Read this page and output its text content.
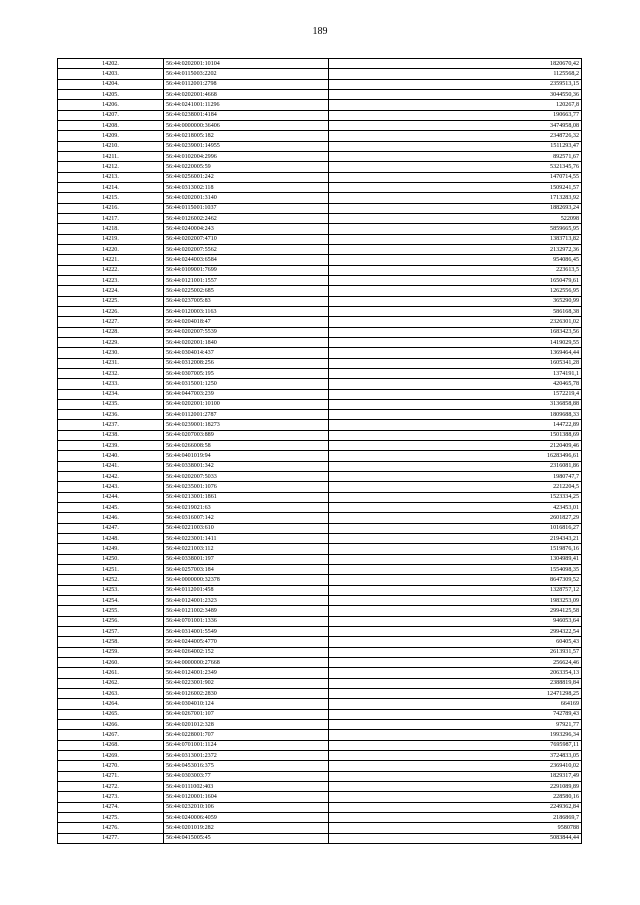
189
14202.	56:44:0202001:10104	1820670,42
14203.	56:44:0115003:2202	1125568,2
14204.	56:44:0112001:2798	2359513,15
14205.	56:44:0202001:4668	3044550,36
14206.	56:44:0241001:11296	120267,8
14207.	56:44:0238001:4184	190663,77
14208.	56:44:0000000:36406	3474958,08
14209.	56:44:0218005:182	2348726,32
14210.	56:44:0239001:14955	1511293,47
14211.	56:44:0102004:2996	892571,67
14212.	56:44:0220005:59	5321345,76
14213.	56:44:0256001:242	1470714,55
14214.	56:44:0313002:118	1509241,57
14215.	56:44:0202001:3140	1713283,92
14216.	56:44:0115001:1037	1882693,24
14217.	56:44:0126002:2462	522098
14218.	56:44:0240004:243	5859665,95
14219.	56:44:0202007:4710	1383713,82
14220.	56:44:0202007:5562	2132972,36
14221.	56:44:0244003:6584	954086,45
14222.	56:44:0109001:7699	223613,5
14223.	56:44:0121001:1557	1650479,61
14224.	56:44:0225002:685	1262556,95
14225.	56:44:0237005:83	365290,99
14226.	56:44:0120003:1163	586168,38
14227.	56:44:0204018:47	2326301,02
14228.	56:44:0202007:5539	1683423,56
14229.	56:44:0202001:1840	1419029,55
14230.	56:44:0304014:437	1369464,44
14231.	56:44:0312008:256	1605341,28
14232.	56:44:0307005:195	1374191,1
14233.	56:44:0315001:1250	420465,78
14234.	56:44:0447003:239	1572219,4
14235.	56:44:0202001:10100	3136858,88
14236.	56:44:0112001:2787	1809688,33
14237.	56:44:0239001:18273	144722,89
14238.	56:44:0207003:889	1501388,69
14239.	56:44:0266008:58	2120409,46
14240.	56:44:0401019:94	16283496,61
14241.	56:44:0338001:342	2316081,86
14242.	56:44:0202007:5033	1980747,7
14243.	56:44:0235001:1076	2212204,5
14244.	56:44:0213001:1861	1523334,25
14245.	56:44:0219021:63	423453,01
14246.	56:44:0316007:142	2601827,29
14247.	56:44:0221003:610	1016816,27
14248.	56:44:0223001:1411	2194343,21
14249.	56:44:0221003:112	1519876,16
14250.	56:44:0338001:197	1304989,41
14251.	56:44:0257003:184	1554098,35
14252.	56:44:0000000:32378	8647309,52
14253.	56:44:0112001:458	1328757,12
14254.	56:44:0124001:2323	1983253,09
14255.	56:44:0121002:3489	2994125,58
14256.	56:44:0701001:1336	946053,64
14257.	56:44:0314001:5549	2994322,54
14258.	56:44:0244005:4770	60405,43
14259.	56:44:0264002:152	2613931,57
14260.	56:44:0000000:27668	256624,46
14261.	56:44:0124001:2349	2063354,13
14262.	56:44:0223001:902	2388819,84
14263.	56:44:0126002:2830	12471298,25
14264.	56:44:0304010:124	664169
14265.	56:44:0267001:107	742789,43
14266.	56:44:0201012:328	97921,77
14267.	56:44:0228001:707	1993296,34
14268.	56:44:0701001:1124	7695987,11
14269.	56:44:0313001:2372	3724833,05
14270.	56:44:0453016:375	2369410,02
14271.	56:44:0303003:77	1829317,49
14272.	56:44:0111002:403	2291089,89
14273.	56:44:0120001:1604	228580,16
14274.	56:44:0232010:106	2249362,84
14275.	56:44:0240006:4059	2186869,7
14276.	56:44:0201019:282	9580788
14277.	56:44:0415005:45	5083844,44
